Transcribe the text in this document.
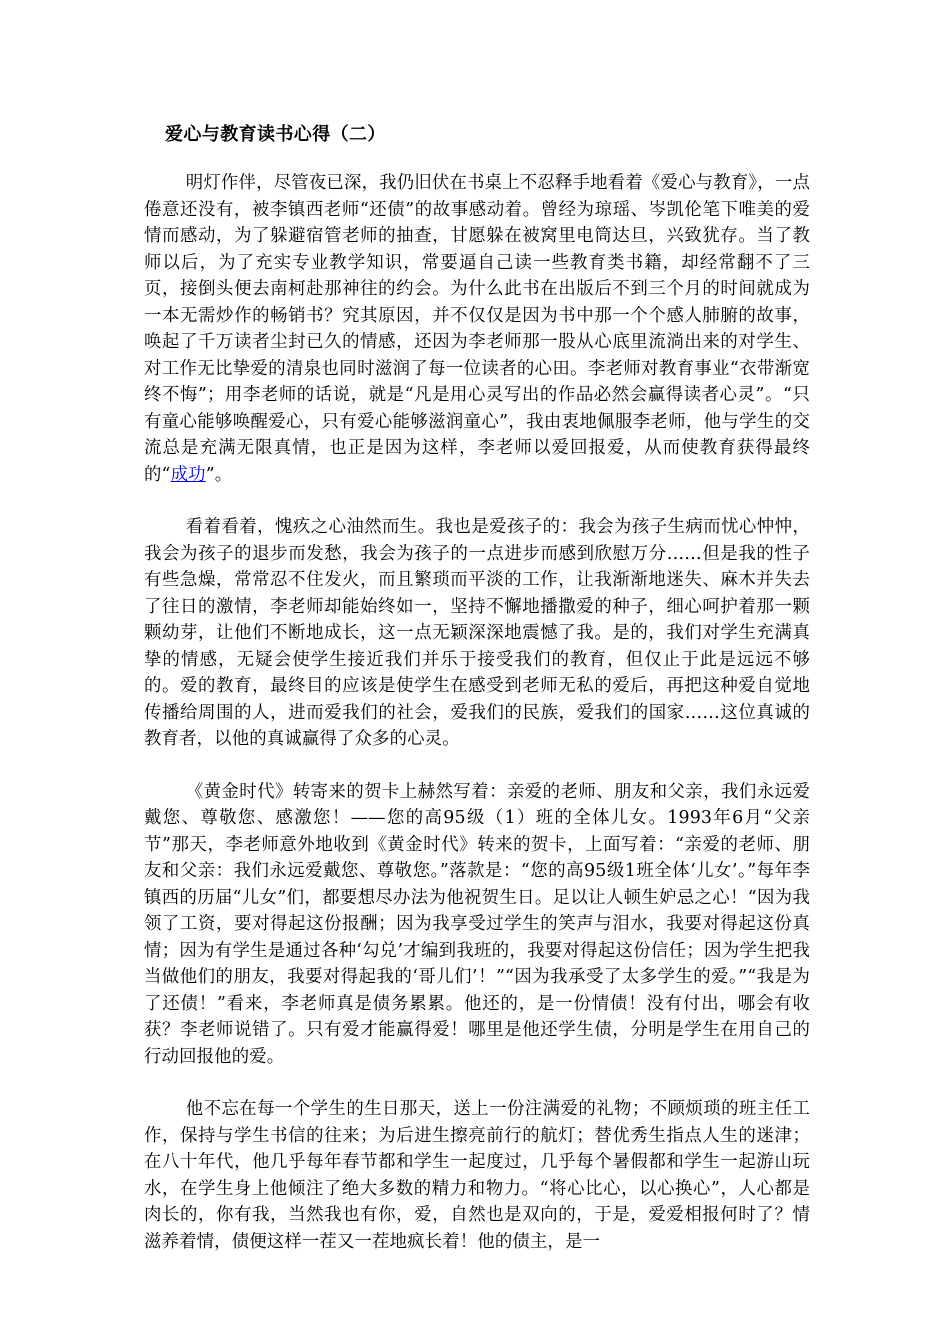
爱心与教育读书心得（二）

明灯作伴，尽管夜已深，我仍旧伏在书桌上不忍释手地看着《爱心与教育》，一点倦意还没有，被李镇西老师“还债”的故事感动着。曾经为琼瑶、岑凯伦笔下唯美的爱情而感动，为了躲避宿管老师的抽查，甘愿躲在被窝里电筒达旦，兴致犹存。当了教师以后，为了充实专业教学知识，常要逼自己读一些教育类书籍，却经常翻不了三页，接倒头便去南柯赴那神往的约会。为什么此书在出版后不到三个月的时间就成为一本无需炒作的畅销书？究其原因，并不仅仅是因为书中那一个个感人肺腑的故事，唤起了千万读者尘封已久的情感，还因为李老师那一股从心底里流淌出来的对学生、对工作无比挚爱的清泉也同时滋润了每一位读者的心田。李老师对教育事业“衣带渐宽终不悔”；用李老师的话说，就是“凡是用心灵写出的作品必然会赢得读者心灵”。“只有童心能够唤醒爱心，只有爱心能够滋润童心”，我由衷地佩服李老师，他与学生的交流总是充满无限真情，也正是因为这样，李老师以爱回报爱，从而使教育获得最终的“成功”。

看着看着，愧疚之心油然而生。我也是爱孩子的：我会为孩子生病而忧心忡忡，我会为孩子的退步而发愁，我会为孩子的一点进步而感到欣慰万分……但是我的性子有些急燥，常常忍不住发火，而且繁琐而平淡的工作，让我渐渐地迷失、麻木并失去了往日的激情，李老师却能始终如一，坚持不懈地播撒爱的种子，细心呵护着那一颗颗幼芽，让他们不断地成长，这一点无颖深深地震憾了我。是的，我们对学生充满真挚的情感，无疑会使学生接近我们并乐于接受我们的教育，但仅止于此是远远不够的。爱的教育，最终目的应该是使学生在感受到老师无私的爱后，再把这种爱自觉地传播给周围的人，进而爱我们的社会，爱我们的民族，爱我们的国家……这位真诚的教育者，以他的真诚赢得了众多的心灵。

《黄金时代》转寄来的贺卡上赫然写着：亲爱的老师、朋友和父亲，我们永远爱戴您、尊敬您、感激您！——您的高95级（1）班的全体儿女。1993年6月“父亲节”那天，李老师意外地收到《黄金时代》转来的贺卡，上面写着：“亲爱的老师、朋友和父亲：我们永远爱戴您、尊敬您。”落款是：“您的高95级1班全体‘儿女’。”每年李镇西的历届“儿女”们，都要想尽办法为他祝贺生日。足以让人顿生妒忌之心！“因为我领了工资，要对得起这份报酬；因为我享受过学生的笑声与泪水，我要对得起这份真情；因为有学生是通过各种‘勾兑’才编到我班的，我要对得起这份信任；因为学生把我当做他们的朋友，我要对得起我的‘哥儿们’！”“因为我承受了太多学生的爱。”“我是为了还债！”看来，李老师真是债务累累。他还的，是一份情债！没有付出，哪会有收获？李老师说错了。只有爱才能赢得爱！哪里是他还学生债，分明是学生在用自己的行动回报他的爱。

他不忘在每一个学生的生日那天，送上一份注满爱的礼物；不顾烦琐的班主任工作，保持与学生书信的往来；为后进生擦亮前行的航灯；替优秀生指点人生的迷津；在八十年代，他几乎每年春节都和学生一起度过，几乎每个暑假都和学生一起游山玩水，在学生身上他倾注了绝大多数的精力和物力。“将心比心，以心换心”，人心都是肉长的，你有我，当然我也有你，爱，自然也是双向的，于是，爱爱相报何时了？情滋养着情，债便这样一茬又一茬地疯长着！他的债主，是一
